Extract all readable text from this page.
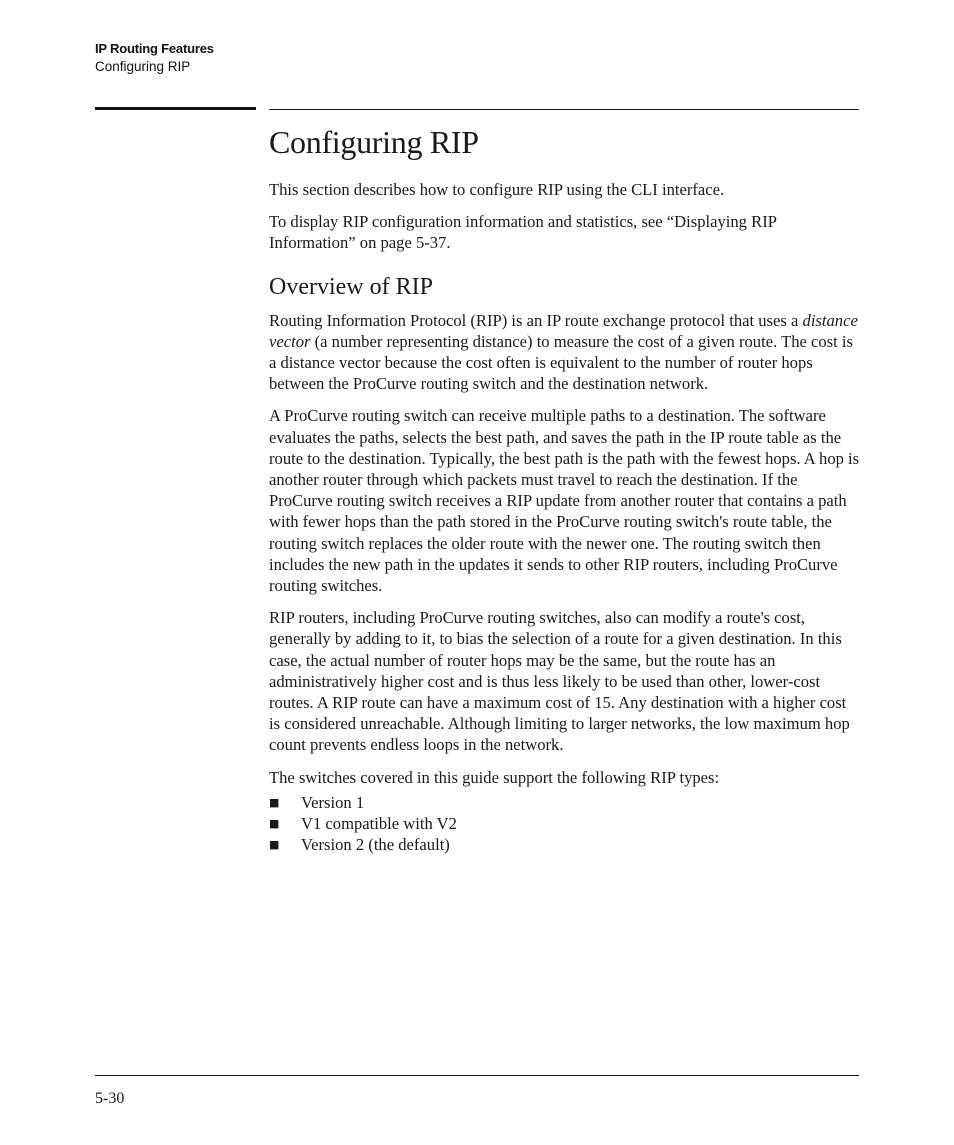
IP Routing Features
Configuring RIP
Configuring RIP

This section describes how to configure RIP using the CLI interface.

To display RIP configuration information and statistics, see “Displaying RIP Information” on page 5-37.

Overview of RIP

Routing Information Protocol (RIP) is an IP route exchange protocol that uses a distance vector (a number representing distance) to measure the cost of a given route. The cost is a distance vector because the cost often is equivalent to the number of router hops between the ProCurve routing switch and the destination network.

A ProCurve routing switch can receive multiple paths to a destination. The software evaluates the paths, selects the best path, and saves the path in the IP route table as the route to the destination. Typically, the best path is the path with the fewest hops. A hop is another router through which packets must travel to reach the destination. If the ProCurve routing switch receives a RIP update from another router that contains a path with fewer hops than the path stored in the ProCurve routing switch's route table, the routing switch replaces the older route with the newer one. The routing switch then includes the new path in the updates it sends to other RIP routers, including ProCurve routing switches.

RIP routers, including ProCurve routing switches, also can modify a route's cost, generally by adding to it, to bias the selection of a route for a given destination. In this case, the actual number of router hops may be the same, but the route has an administratively higher cost and is thus less likely to be used than other, lower-cost routes. A RIP route can have a maximum cost of 15. Any destination with a higher cost is considered unreachable. Although limiting to larger networks, the low maximum hop count prevents endless loops in the network.

The switches covered in this guide support the following RIP types:

■ Version 1
■ V1 compatible with V2
■ Version 2 (the default)
5-30
